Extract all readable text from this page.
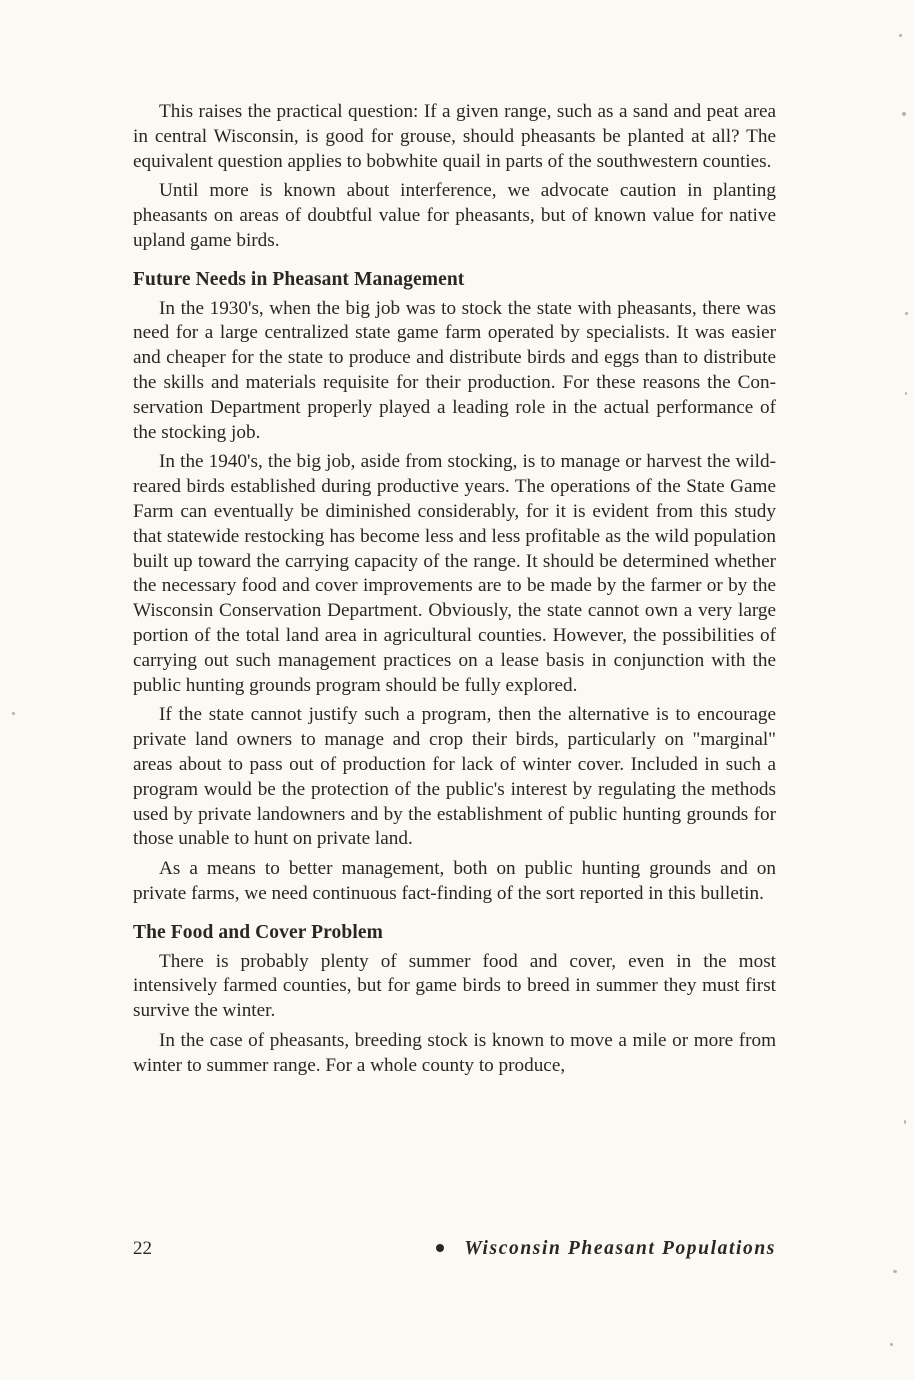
This raises the practical question: If a given range, such as a sand and peat area in central Wisconsin, is good for grouse, should pheasants be planted at all? The equivalent question applies to bobwhite quail in parts of the southwestern counties.

Until more is known about interference, we advocate caution in planting pheasants on areas of doubtful value for pheasants, but of known value for native upland game birds.

Future Needs in Pheasant Management

In the 1930's, when the big job was to stock the state with pheasants, there was need for a large centralized state game farm operated by specialists. It was easier and cheaper for the state to produce and distribute birds and eggs than to distribute the skills and materials requisite for their production. For these reasons the Conservation Department properly played a leading role in the actual performance of the stocking job.

In the 1940's, the big job, aside from stocking, is to manage or harvest the wild-reared birds established during productive years. The operations of the State Game Farm can eventually be diminished considerably, for it is evident from this study that statewide restocking has become less and less profitable as the wild population built up toward the carrying capacity of the range. It should be determined whether the necessary food and cover improvements are to be made by the farmer or by the Wisconsin Conservation Department. Obviously, the state cannot own a very large portion of the total land area in agricultural counties. However, the possibilities of carrying out such management practices on a lease basis in conjunction with the public hunting grounds program should be fully explored.

If the state cannot justify such a program, then the alternative is to encourage private land owners to manage and crop their birds, particularly on "marginal" areas about to pass out of production for lack of winter cover. Included in such a program would be the protection of the public's interest by regulating the methods used by private landowners and by the establishment of public hunting grounds for those unable to hunt on private land.

As a means to better management, both on public hunting grounds and on private farms, we need continuous fact-finding of the sort reported in this bulletin.

The Food and Cover Problem

There is probably plenty of summer food and cover, even in the most intensively farmed counties, but for game birds to breed in summer they must first survive the winter.

In the case of pheasants, breeding stock is known to move a mile or more from winter to summer range. For a whole county to produce,

22	Wisconsin Pheasant Populations
